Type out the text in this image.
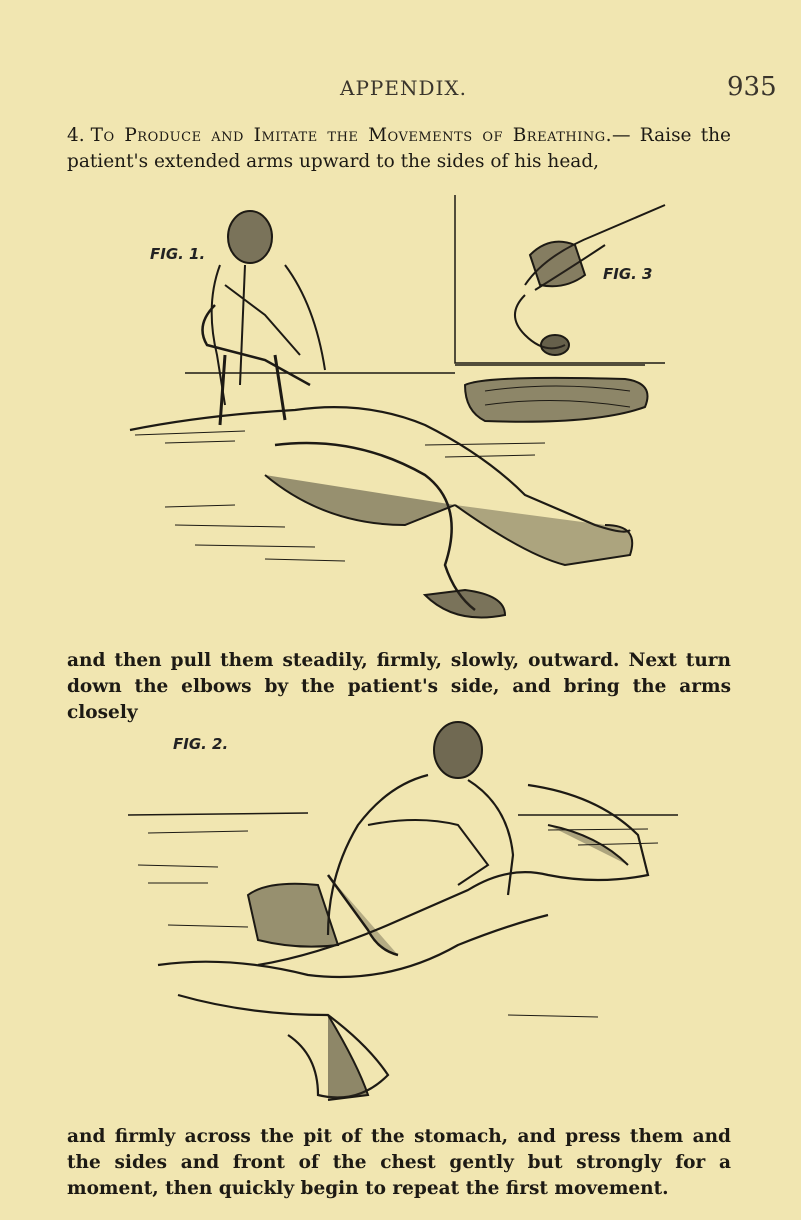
APPENDIX.	935

4. To Produce and Imitate the Movements of Breathing.— Raise the patient's extended arms upward to the sides of his head,

FIG. 1.
FIG. 3

and then pull them steadily, firmly, slowly, outward. Next turn down the elbows by the patient's side, and bring the arms closely

FIG. 2.

and firmly across the pit of the stomach, and press them and the sides and front of the chest gently but strongly for a moment, then quickly begin to repeat the first movement.
